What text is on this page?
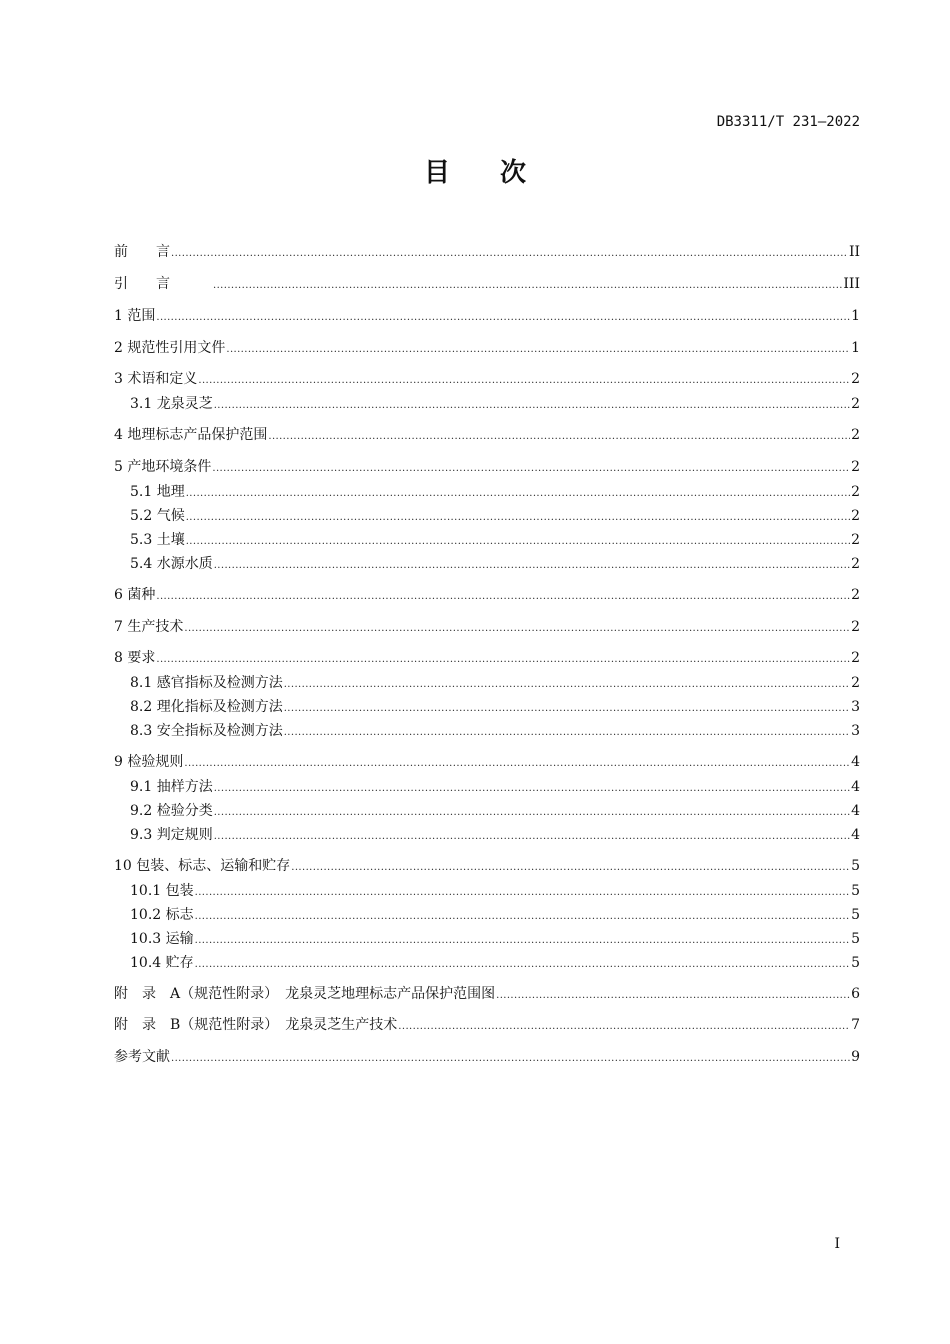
DB3311/T 231—2022
目次
前　　言 .....	II
引　　言　　　 .....	III
1 范围 .....	1
2 规范性引用文件 .....	1
3 术语和定义 .....	2
3.1 龙泉灵芝 .....	2
4 地理标志产品保护范围 .....	2
5 产地环境条件 .....	2
5.1 地理 .....	2
5.2 气候 .....	2
5.3 土壤 .....	2
5.4 水源水质 .....	2
6 菌种 .....	2
7 生产技术 .....	2
8 要求 .....	2
8.1 感官指标及检测方法 .....	2
8.2 理化指标及检测方法 .....	3
8.3 安全指标及检测方法 .....	3
9 检验规则 .....	4
9.1 抽样方法 .....	4
9.2 检验分类 .....	4
9.3 判定规则 .....	4
10 包装、标志、运输和贮存 .....	5
10.1 包装 .....	5
10.2 标志 .....	5
10.3 运输 .....	5
10.4 贮存 .....	5
附　录　A（规范性附录）　龙泉灵芝地理标志产品保护范围图 .....	6
附　录　B（规范性附录）　龙泉灵芝生产技术 .....	7
参考文献 .....	9
I
